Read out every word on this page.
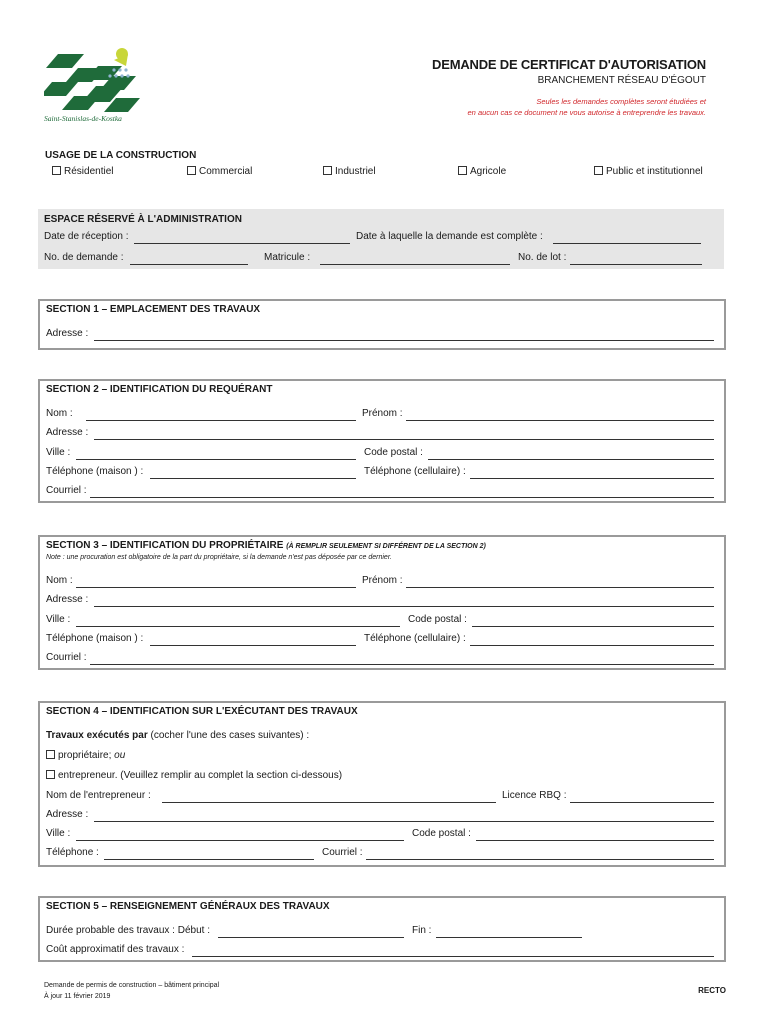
Saint-Stanislas-de-Kostka
DEMANDE DE CERTIFICAT D'AUTORISATION
BRANCHEMENT RÉSEAU D'ÉGOUT
Seules les demandes complètes seront étudiées et
en aucun cas ce document ne vous autorise à entreprendre les travaux.
USAGE DE LA CONSTRUCTION
Résidentiel	Commercial	Industriel	Agricole	Public et institutionnel
ESPACE RÉSERVÉ À L'ADMINISTRATION
Date de réception :	Date à laquelle la demande est complète :
No. de demande :	Matricule :	No. de lot :
SECTION 1 – EMPLACEMENT DES TRAVAUX
Adresse :
SECTION 2 – IDENTIFICATION DU REQUÉRANT
Nom :	Prénom :
Adresse :
Ville :	Code postal :
Téléphone (maison ) :	Téléphone (cellulaire) :
Courriel :
SECTION 3 – IDENTIFICATION DU PROPRIÉTAIRE (À REMPLIR SEULEMENT SI DIFFÉRENT DE LA SECTION 2)
Note : une procuration est obligatoire de la part du propriétaire, si la demande n'est pas déposée par ce dernier.
Nom :	Prénom :
Adresse :
Ville :	Code postal :
Téléphone (maison ) :	Téléphone (cellulaire) :
Courriel :
SECTION 4 – IDENTIFICATION SUR L'EXÉCUTANT DES TRAVAUX
Travaux exécutés par (cocher l'une des cases suivantes) :
propriétaire; ou
entrepreneur. (Veuillez remplir au complet la section ci-dessous)
Nom de l'entrepreneur :	Licence RBQ :
Adresse :
Ville :	Code postal :
Téléphone :	Courriel :
SECTION 5 – RENSEIGNEMENT GÉNÉRAUX DES TRAVAUX
Durée probable des travaux : Début :	Fin :
Coût approximatif des travaux :
Demande de permis de construction – bâtiment principal
À jour 11 février 2019
RECTO
